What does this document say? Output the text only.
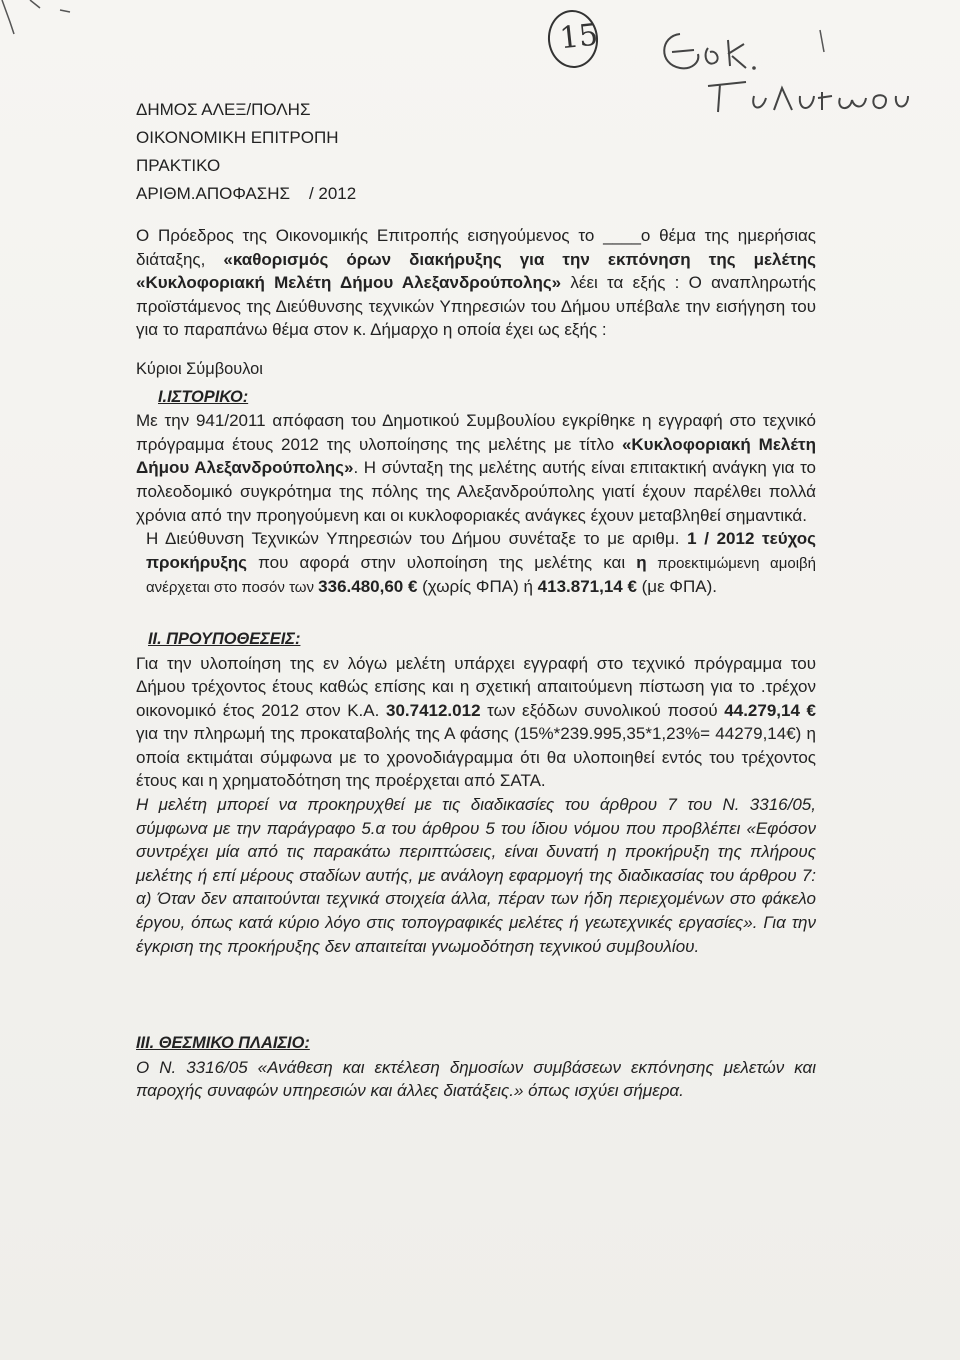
15

ΔΗΜΟΣ ΑΛΕΞ/ΠΟΛΗΣ

ΟΙΚΟΝΟΜΙΚΗ ΕΠΙΤΡΟΠΗ

ΠΡΑΚΤΙΚΟ

ΑΡΙΘΜ.ΑΠΟΦΑΣΗΣ    / 2012

Ο Πρόεδρος της Οικονομικής Επιτροπής εισηγούμενος το ____ο θέμα της ημερήσιας διάταξης, «καθορισμός όρων διακήρυξης για την εκπόνηση της μελέτης «Κυκλοφοριακή Μελέτη Δήμου Αλεξανδρούπολης» λέει τα εξής : Ο αναπληρωτής προϊστάμενος της Διεύθυνσης τεχνικών Υπηρεσιών του Δήμου υπέβαλε την εισήγηση του για το παραπάνω θέμα στον κ. Δήμαρχο η οποία έχει ως εξής :

Κύριοι Σύμβουλοι

Ι.ΙΣΤΟΡΙΚΟ:

Με την 941/2011 απόφαση του Δημοτικού Συμβουλίου εγκρίθηκε η εγγραφή στο τεχνικό πρόγραμμα έτους 2012 της υλοποίησης της μελέτης με τίτλο «Κυκλοφοριακή Μελέτη Δήμου Αλεξανδρούπολης». Η σύνταξη της μελέτης αυτής είναι επιτακτική ανάγκη για το πολεοδομικό συγκρότημα της πόλης της Αλεξανδρούπολης γιατί έχουν παρέλθει πολλά χρόνια από την προηγούμενη και οι κυκλοφοριακές ανάγκες έχουν μεταβληθεί σημαντικά.

Η Διεύθυνση Τεχνικών Υπηρεσιών του Δήμου συνέταξε το με αριθμ. 1 / 2012 τεύχος προκήρυξης που αφορά στην υλοποίηση της μελέτης και η προεκτιμώμενη αμοιβή ανέρχεται στο ποσόν των 336.480,60 € (χωρίς ΦΠΑ) ή 413.871,14 € (με ΦΠΑ).

ΙΙ. ΠΡΟΥΠΟΘΕΣΕΙΣ:

Για την υλοποίηση της εν λόγω μελέτη υπάρχει εγγραφή στο τεχνικό πρόγραμμα του Δήμου τρέχοντος έτους καθώς επίσης και η σχετική απαιτούμενη πίστωση για το .τρέχον οικονομικό έτος 2012 στον Κ.Α. 30.7412.012 των εξόδων συνολικού ποσού 44.279,14 € για την πληρωμή της προκαταβολής της Α φάσης (15%*239.995,35*1,23%= 44279,14€) η οποία εκτιμάται σύμφωνα με το χρονοδιάγραμμα ότι θα υλοποιηθεί εντός του τρέχοντος έτους και η χρηματοδότηση της προέρχεται από ΣΑΤΑ.

Η μελέτη μπορεί να προκηρυχθεί με τις διαδικασίες του άρθρου 7 του Ν. 3316/05, σύμφωνα με την παράγραφο 5.α του άρθρου 5 του ίδιου νόμου που προβλέπει «Εφόσον συντρέχει μία από τις παρακάτω περιπτώσεις, είναι δυνατή η προκήρυξη της πλήρους μελέτης ή επί μέρους σταδίων αυτής, με ανάλογη εφαρμογή της διαδικασίας του άρθρου 7: α) Όταν δεν απαιτούνται τεχνικά στοιχεία άλλα, πέραν των ήδη περιεχομένων στο φάκελο έργου, όπως κατά κύριο λόγο στις τοπογραφικές μελέτες ή γεωτεχνικές εργασίες». Για την έγκριση της προκήρυξης δεν απαιτείται γνωμοδότηση τεχνικού συμβουλίου.

ΙΙΙ. ΘΕΣΜΙΚΟ ΠΛΑΙΣΙΟ:

Ο Ν. 3316/05 «Ανάθεση και εκτέλεση δημοσίων συμβάσεων εκπόνησης μελετών και παροχής συναφών υπηρεσιών και άλλες διατάξεις.» όπως ισχύει σήμερα.
